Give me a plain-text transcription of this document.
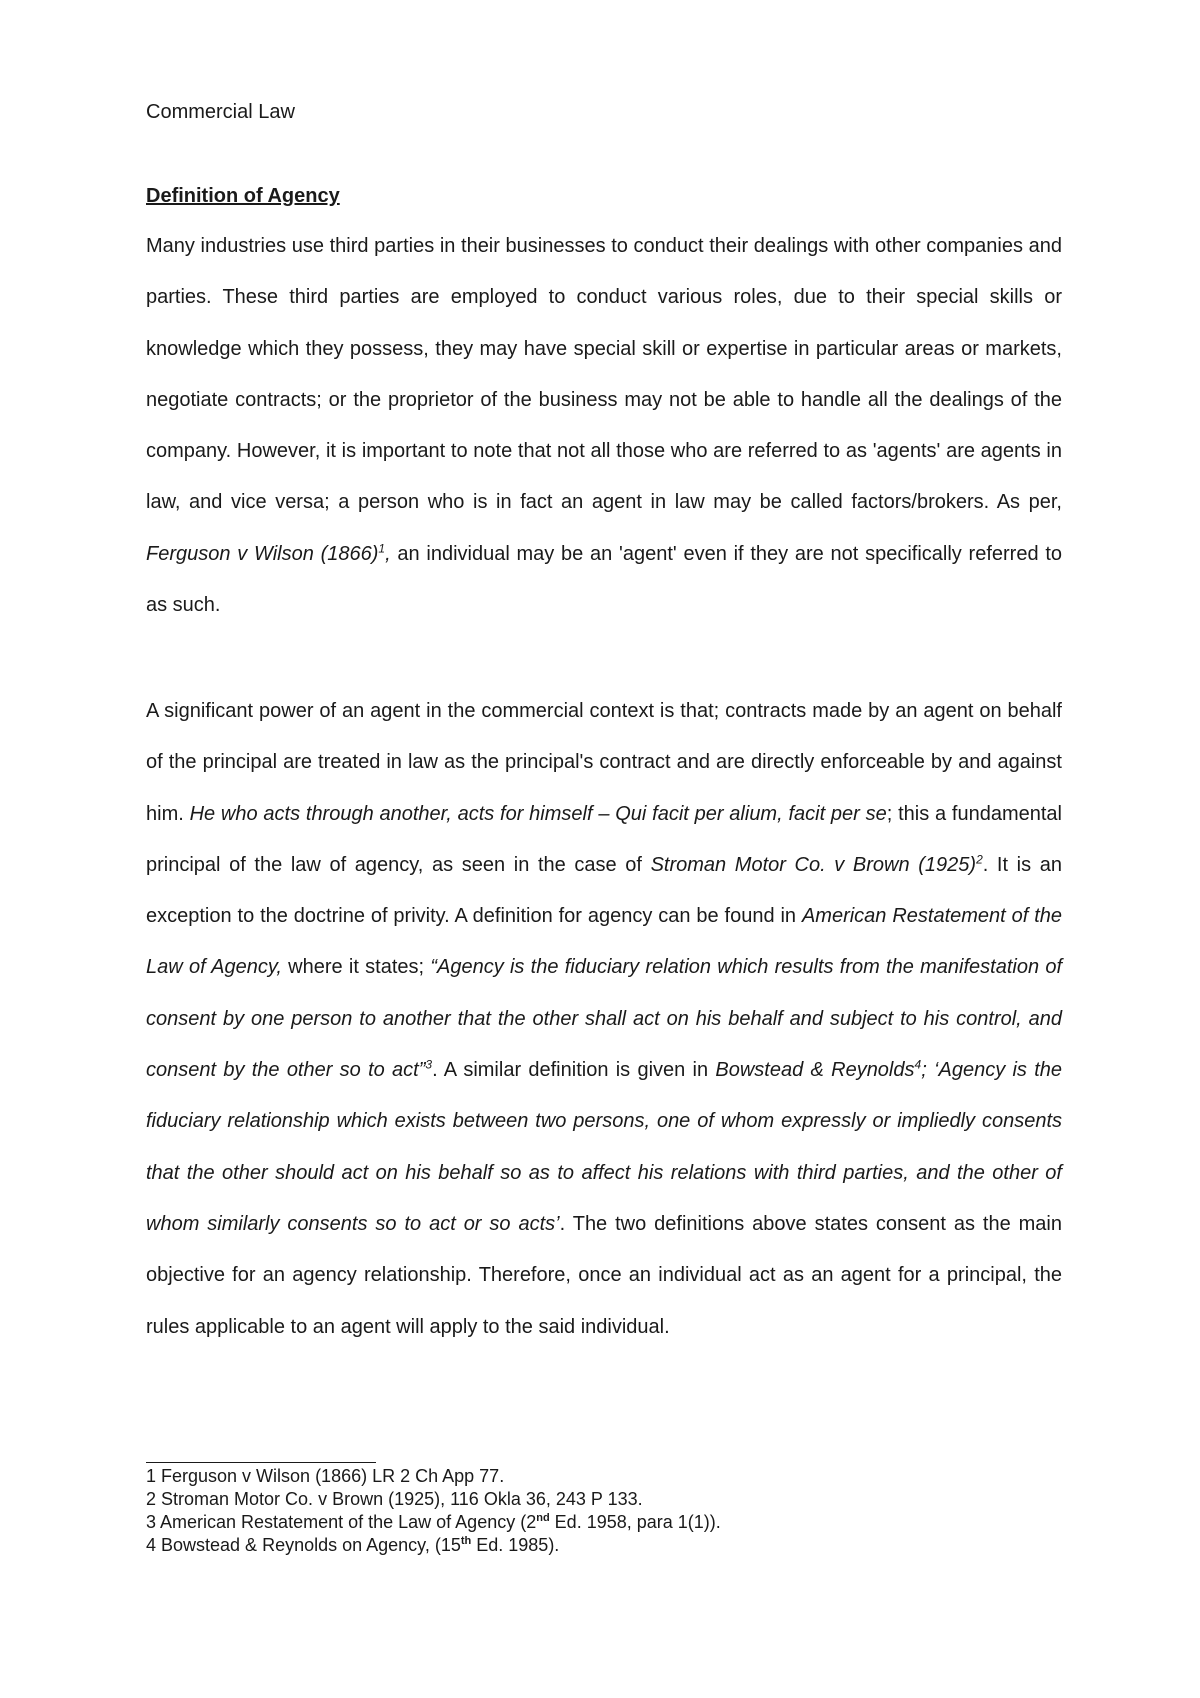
Commercial Law
Definition of Agency

Many industries use third parties in their businesses to conduct their dealings with other companies and parties. These third parties are employed to conduct various roles, due to their special skills or knowledge which they possess, they may have special skill or expertise in particular areas or markets, negotiate contracts; or the proprietor of the business may not be able to handle all the dealings of the company. However, it is important to note that not all those who are referred to as 'agents' are agents in law, and vice versa; a person who is in fact an agent in law may be called factors/brokers. As per, Ferguson v Wilson $(1866)^1$, an individual may be an 'agent' even if they are not specifically referred to as such.

A significant power of an agent in the commercial context is that; contracts made by an agent on behalf of the principal are treated in law as the principal's contract and are directly enforceable by and against him. He who acts through another, acts for himself – Qui facit per alium, facit per se; this a fundamental principal of the law of agency, as seen in the case of Stroman Motor Co. v Brown $(1925)^2$. It is an exception to the doctrine of privity. A definition for agency can be found in American Restatement of the Law of Agency, where it states; “Agency is the fiduciary relation which results from the manifestation of consent by one person to another that the other shall act on his behalf and subject to his control, and consent by the other so to act”$^3$. A similar definition is given in Bowstead & Reynolds$^4$; ‘Agency is the fiduciary relationship which exists between two persons, one of whom expressly or impliedly consents that the other should act on his behalf so as to affect his relations with third parties, and the other of whom similarly consents so to act or so acts’. The two definitions above states consent as the main objective for an agency relationship. Therefore, once an individual act as an agent for a principal, the rules applicable to an agent will apply to the said individual.

1 Ferguson v Wilson (1866) LR 2 Ch App 77.
2 Stroman Motor Co. v Brown (1925), 116 Okla 36, 243 P 133.
3 American Restatement of the Law of Agency (2nd Ed. 1958, para 1(1)).
4 Bowstead & Reynolds on Agency, (15th Ed. 1985).
